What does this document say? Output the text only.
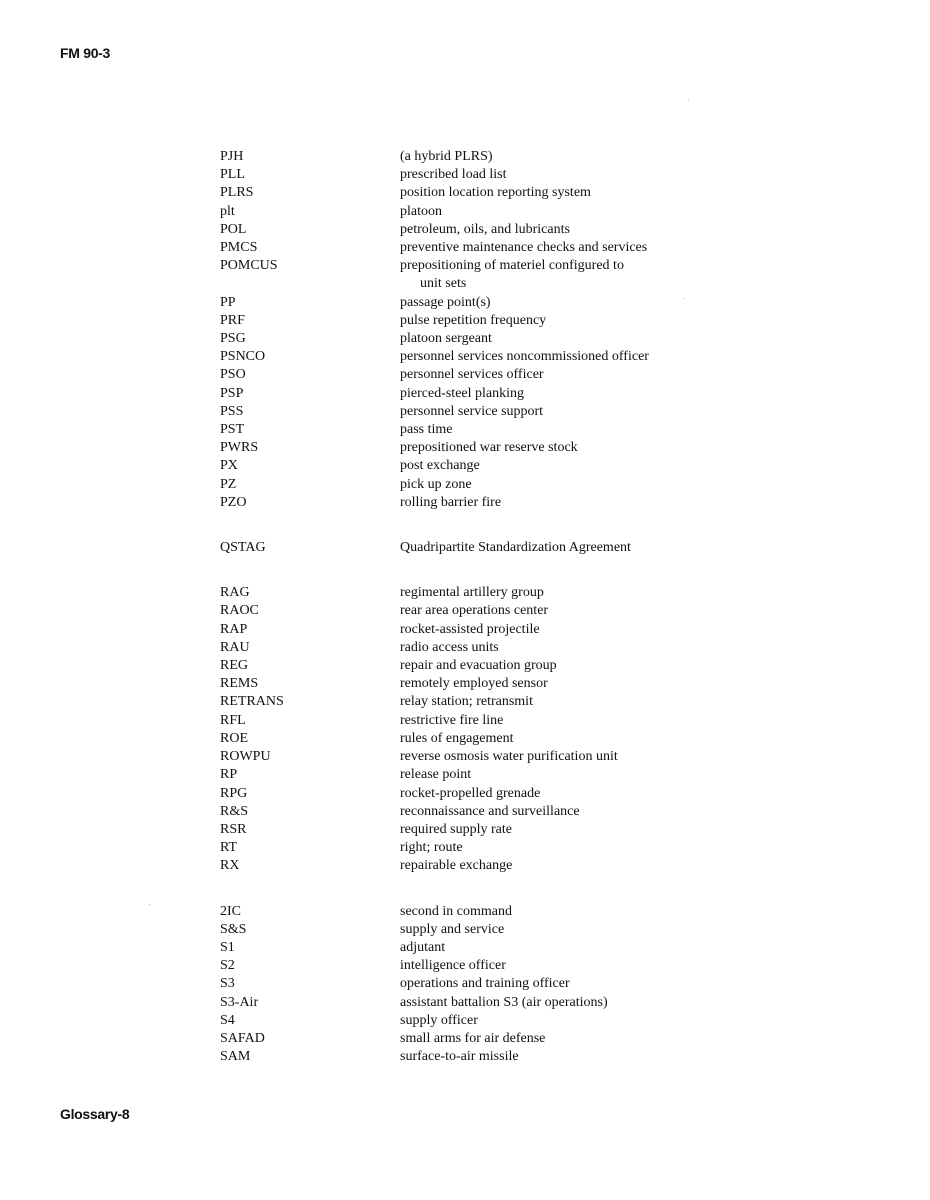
FM 90-3
PJH	(a hybrid PLRS)
PLL	prescribed load list
PLRS	position location reporting system
plt	platoon
POL	petroleum, oils, and lubricants
PMCS	preventive maintenance checks and services
POMCUS	prepositioning of materiel configured to
unit sets
PP	passage point(s)
PRF	pulse repetition frequency
PSG	platoon sergeant
PSNCO	personnel services noncommissioned officer
PSO	personnel services officer
PSP	pierced-steel planking
PSS	personnel service support
PST	pass time
PWRS	prepositioned war reserve stock
PX	post exchange
PZ	pick up zone
PZO	rolling barrier fire
QSTAG	Quadripartite Standardization Agreement
RAG	regimental artillery group
RAOC	rear area operations center
RAP	rocket-assisted projectile
RAU	radio access units
REG	repair and evacuation group
REMS	remotely employed sensor
RETRANS	relay station; retransmit
RFL	restrictive fire line
ROE	rules of engagement
ROWPU	reverse osmosis water purification unit
RP	release point
RPG	rocket-propelled grenade
R&S	reconnaissance and surveillance
RSR	required supply rate
RT	right; route
RX	repairable exchange
2IC	second in command
S&S	supply and service
S1	adjutant
S2	intelligence officer
S3	operations and training officer
S3-Air	assistant battalion S3 (air operations)
S4	supply officer
SAFAD	small arms for air defense
SAM	surface-to-air missile
Glossary-8
